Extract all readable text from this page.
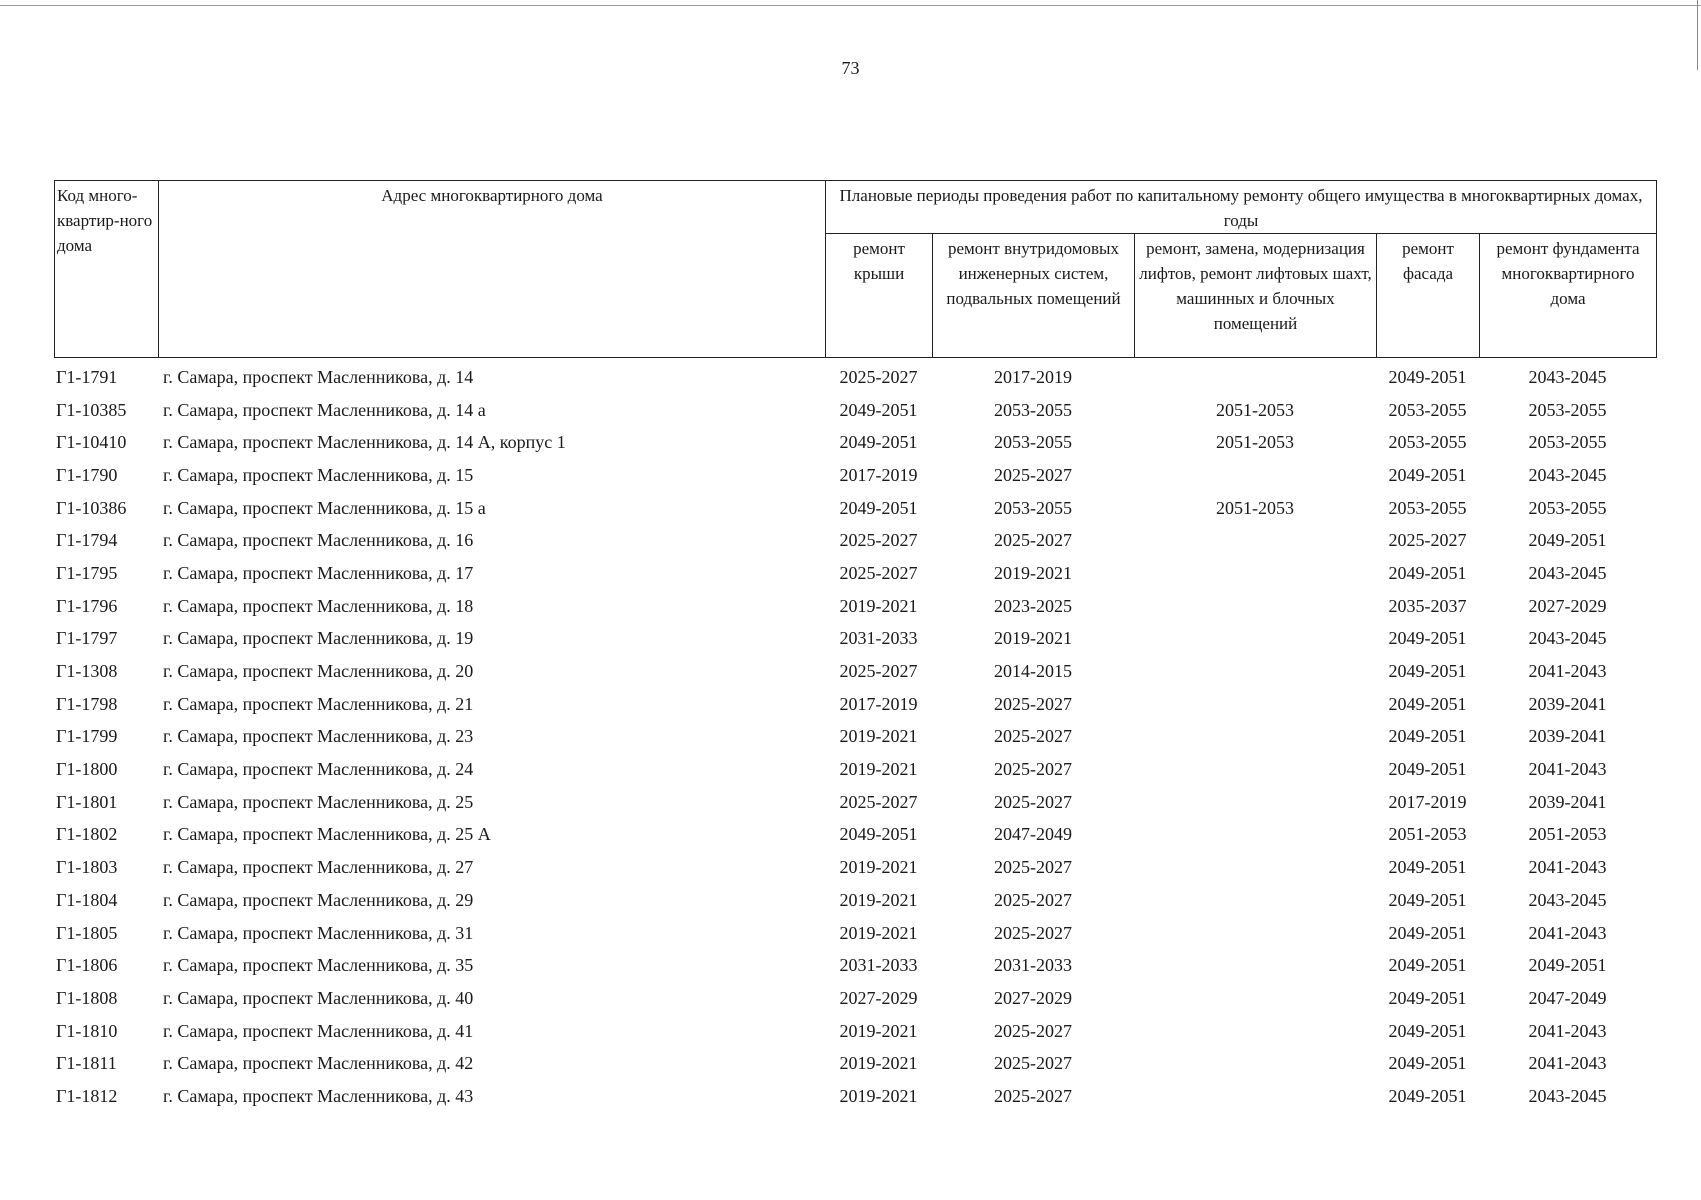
73
Код много-квартир-ного дома	Адрес многоквартирного дома	Плановые периоды проведения работ по капитальному ремонту общего имущества в многоквартирных домах, годы				
		ремонт крыши	ремонт внутридомовых инженерных систем, подвальных помещений	ремонт, замена, модернизация лифтов, ремонт лифтовых шахт, машинных и блочных помещений	ремонт фасада	ремонт фундамента многоквартирного дома
Г1-1791	г. Самара, проспект Масленникова, д. 14	2025-2027	2017-2019		2049-2051	2043-2045
Г1-10385	г. Самара, проспект Масленникова, д. 14 а	2049-2051	2053-2055	2051-2053	2053-2055	2053-2055
Г1-10410	г. Самара, проспект Масленникова, д. 14 А, корпус 1	2049-2051	2053-2055	2051-2053	2053-2055	2053-2055
Г1-1790	г. Самара, проспект Масленникова, д. 15	2017-2019	2025-2027		2049-2051	2043-2045
Г1-10386	г. Самара, проспект Масленникова, д. 15 а	2049-2051	2053-2055	2051-2053	2053-2055	2053-2055
Г1-1794	г. Самара, проспект Масленникова, д. 16	2025-2027	2025-2027		2025-2027	2049-2051
Г1-1795	г. Самара, проспект Масленникова, д. 17	2025-2027	2019-2021		2049-2051	2043-2045
Г1-1796	г. Самара, проспект Масленникова, д. 18	2019-2021	2023-2025		2035-2037	2027-2029
Г1-1797	г. Самара, проспект Масленникова, д. 19	2031-2033	2019-2021		2049-2051	2043-2045
Г1-1308	г. Самара, проспект Масленникова, д. 20	2025-2027	2014-2015		2049-2051	2041-2043
Г1-1798	г. Самара, проспект Масленникова, д. 21	2017-2019	2025-2027		2049-2051	2039-2041
Г1-1799	г. Самара, проспект Масленникова, д. 23	2019-2021	2025-2027		2049-2051	2039-2041
Г1-1800	г. Самара, проспект Масленникова, д. 24	2019-2021	2025-2027		2049-2051	2041-2043
Г1-1801	г. Самара, проспект Масленникова, д. 25	2025-2027	2025-2027		2017-2019	2039-2041
Г1-1802	г. Самара, проспект Масленникова, д. 25 А	2049-2051	2047-2049		2051-2053	2051-2053
Г1-1803	г. Самара, проспект Масленникова, д. 27	2019-2021	2025-2027		2049-2051	2041-2043
Г1-1804	г. Самара, проспект Масленникова, д. 29	2019-2021	2025-2027		2049-2051	2043-2045
Г1-1805	г. Самара, проспект Масленникова, д. 31	2019-2021	2025-2027		2049-2051	2041-2043
Г1-1806	г. Самара, проспект Масленникова, д. 35	2031-2033	2031-2033		2049-2051	2049-2051
Г1-1808	г. Самара, проспект Масленникова, д. 40	2027-2029	2027-2029		2049-2051	2047-2049
Г1-1810	г. Самара, проспект Масленникова, д. 41	2019-2021	2025-2027		2049-2051	2041-2043
Г1-1811	г. Самара, проспект Масленникова, д. 42	2019-2021	2025-2027		2049-2051	2041-2043
Г1-1812	г. Самара, проспект Масленникова, д. 43	2019-2021	2025-2027		2049-2051	2043-2045
